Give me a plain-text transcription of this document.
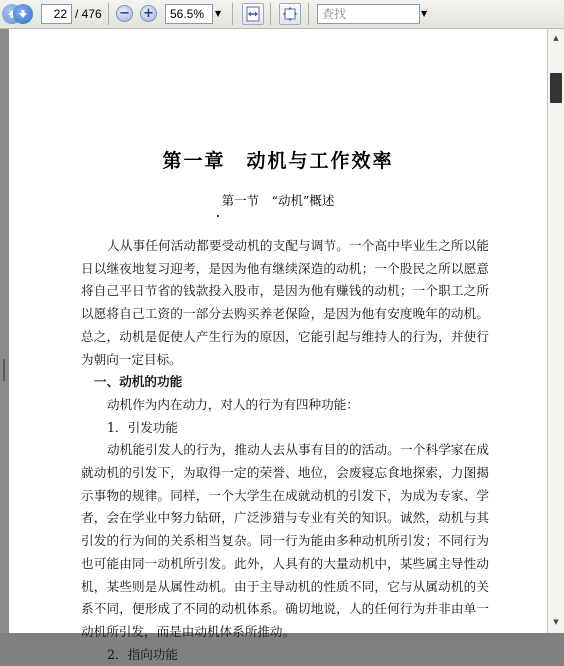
22 / 476	− +	56.5%	▼	查找	▼
第一章　动机与工作效率
第一节　“动机”概述

人从事任何活动都要受动机的支配与调节。一个高中毕业生之所以能日以继夜地复习迎考，是因为他有继续深造的动机；一个股民之所以愿意将自己平日节省的钱款投入股市，是因为他有赚钱的动机；一个职工之所以愿将自己工资的一部分去购买养老保险，是因为他有安度晚年的动机。总之，动机是促使人产生行为的原因，它能引起与维持人的行为，并使行为朝向一定目标。

一、动机的功能

动机作为内在动力，对人的行为有四种功能：

1．引发功能

动机能引发人的行为，推动人去从事有目的的活动。一个科学家在成就动机的引发下，为取得一定的荣誉、地位，会废寝忘食地探索，力图揭示事物的规律。同样，一个大学生在成就动机的引发下，为成为专家、学者，会在学业中努力钻研，广泛涉猎与专业有关的知识。诚然，动机与其引发的行为间的关系相当复杂。同一行为能由多种动机所引发；不同行为也可能由同一动机所引发。此外，人具有的大量动机中，某些属主导性动机，某些则是从属性动机。由于主导动机的性质不同，它与从属动机的关系不同，便形成了不同的动机体系。确切地说，人的任何行为并非由单一动机所引发，而是由动机体系所推动。

2．指向功能

▲
▼
